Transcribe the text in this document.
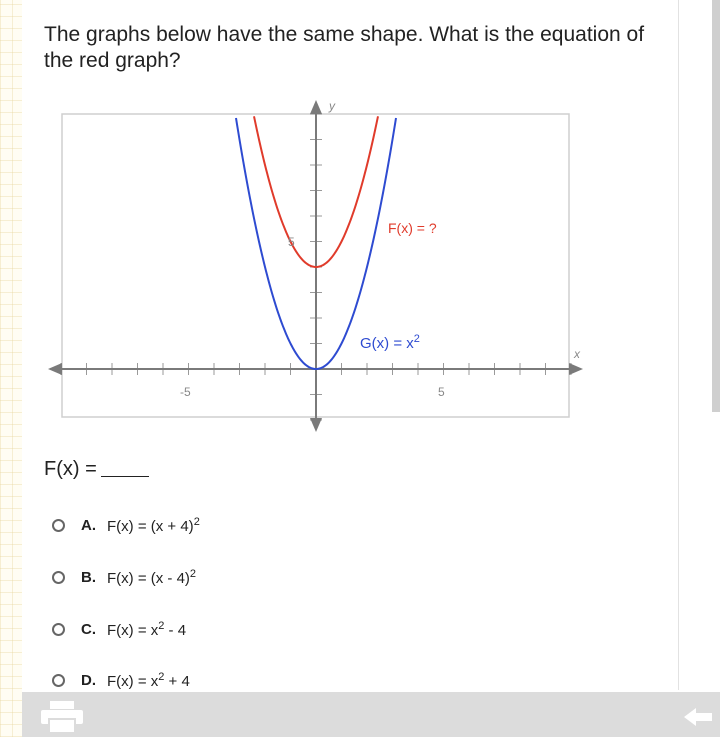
The graphs below have the same shape. What is the equation of the red graph?
x
y
-5	5
5
F(x) = ?
$G(x) = x^2$
F(x) =
A. $F(x) = (x + 4)^2$
B. F(x) = (x - 4)$^2$
C. $F(x) = x^2 - 4$
D. $F(x) = x^2 + 4$
